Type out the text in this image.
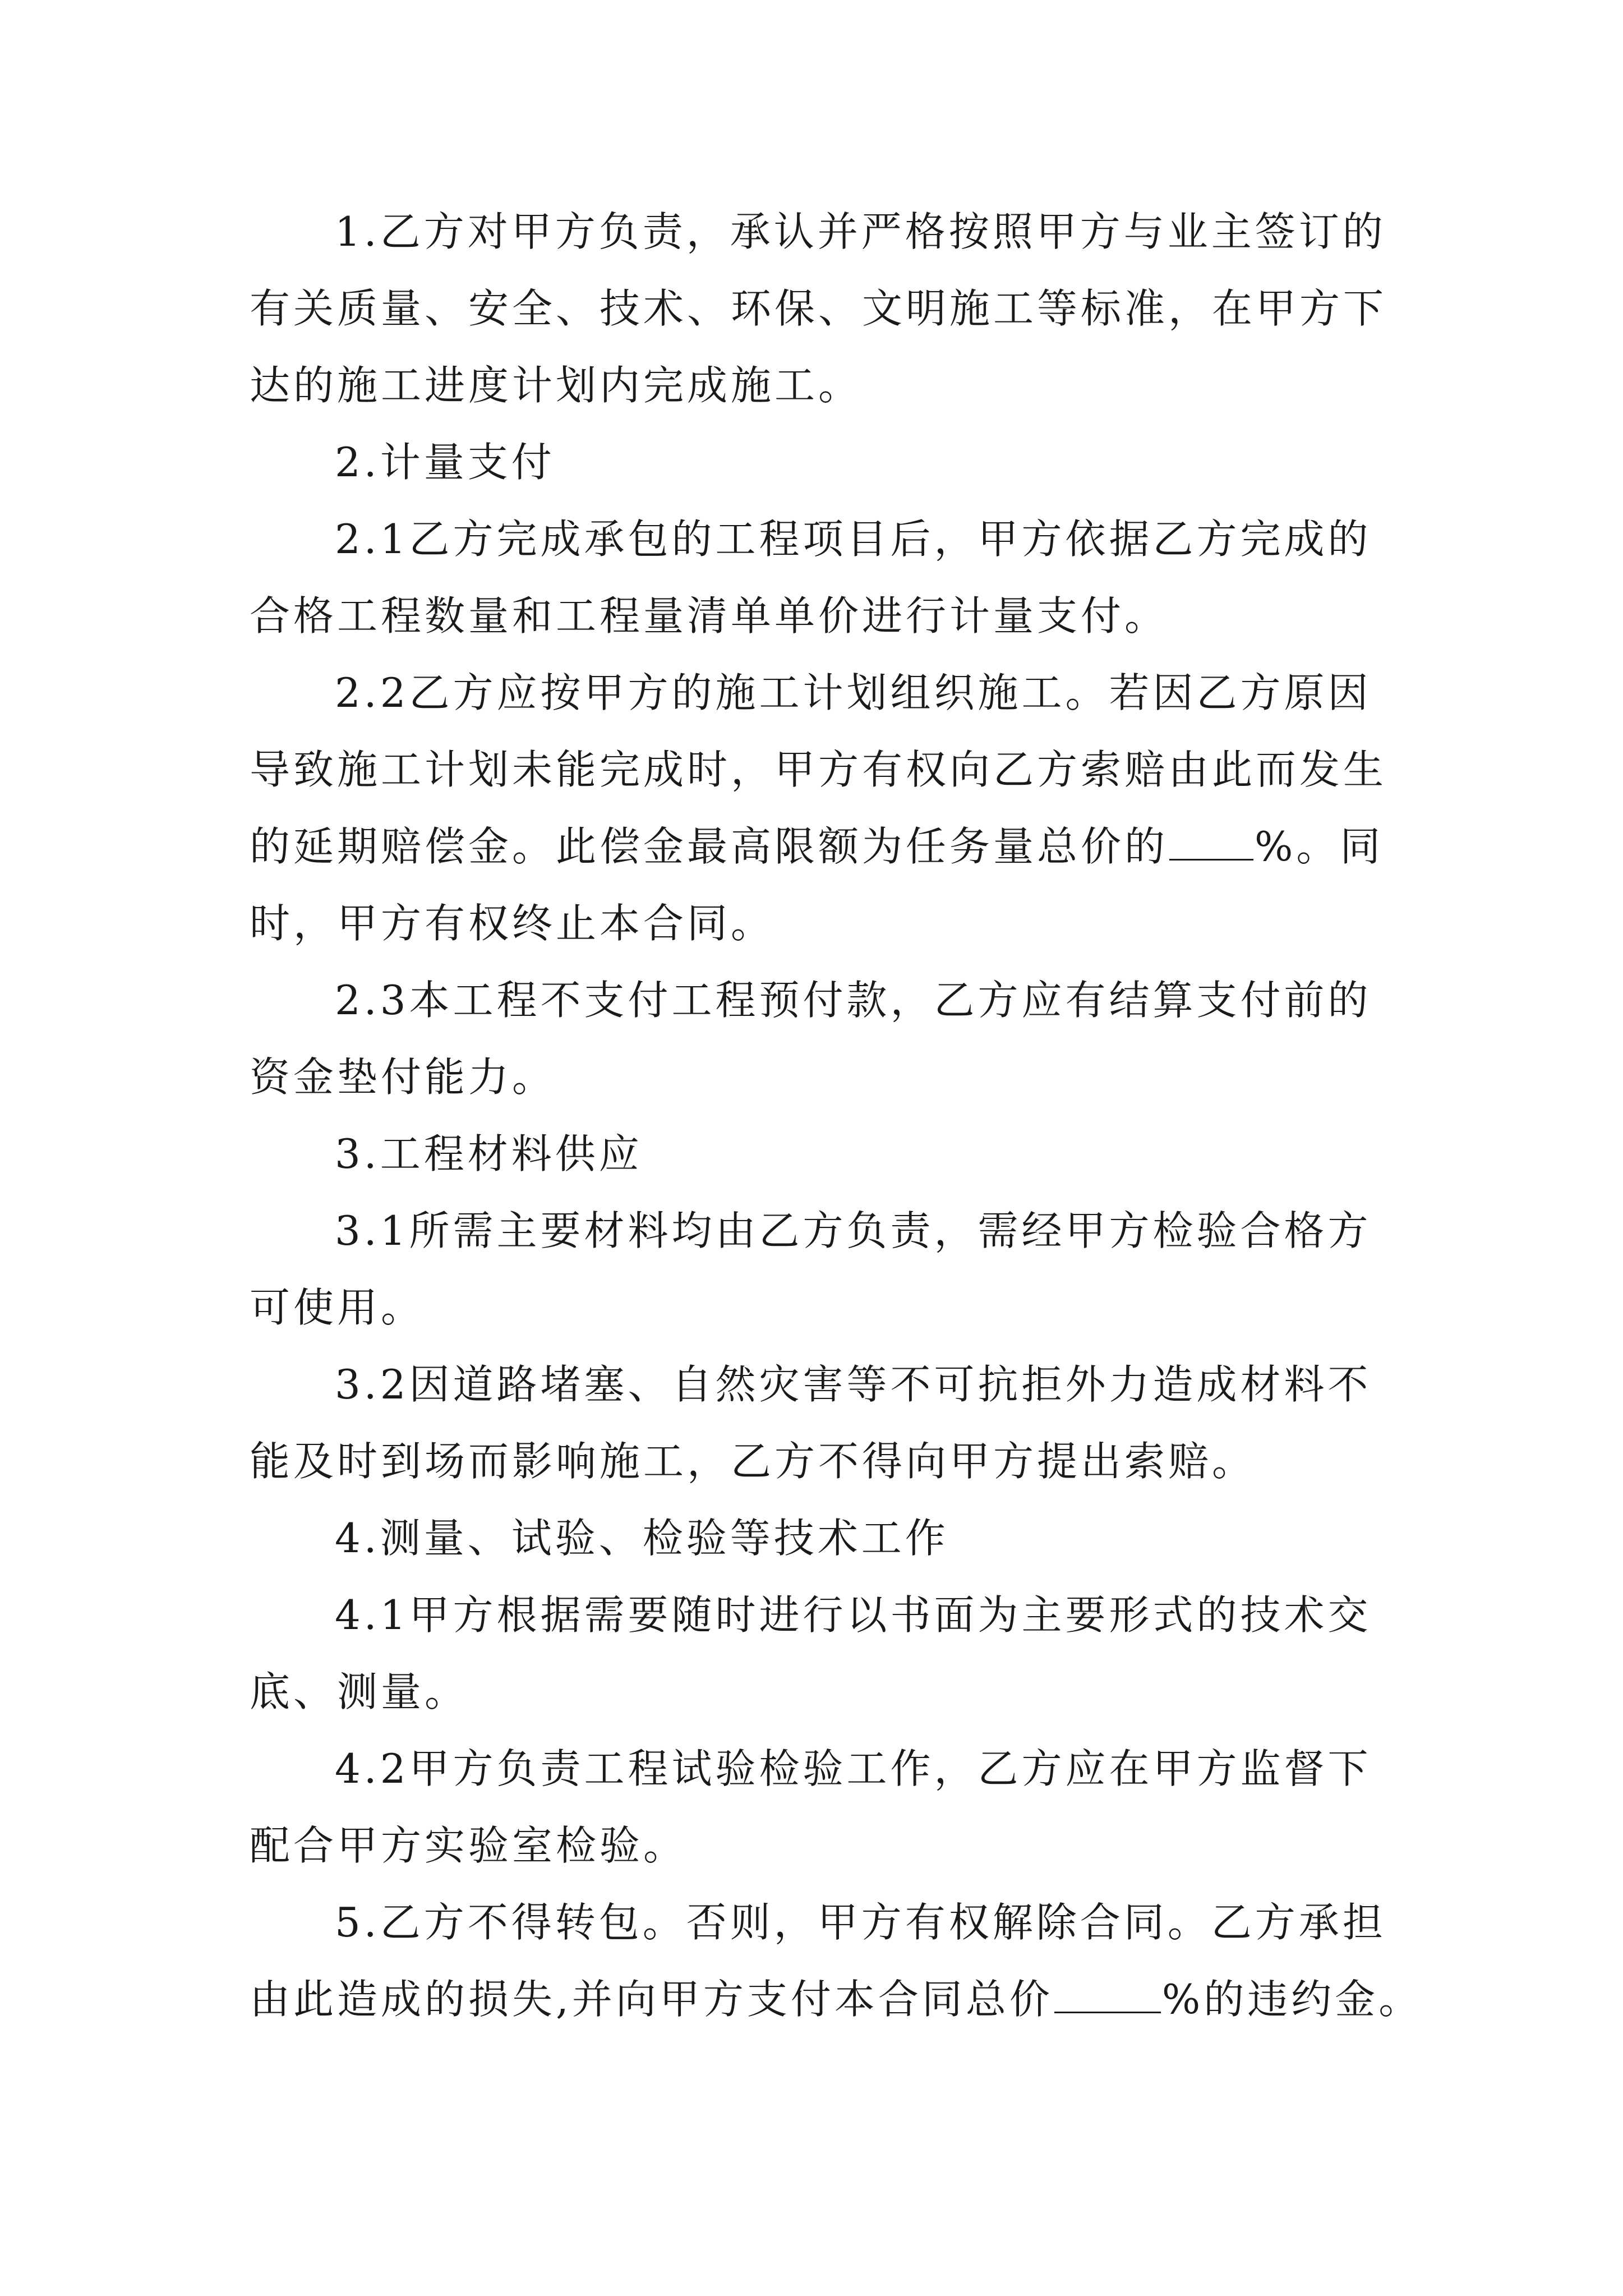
1.乙方对甲方负责，承认并严格按照甲方与业主签订的
有关质量、安全、技术、环保、文明施工等标准，在甲方下
达的施工进度计划内完成施工。
2.计量支付
2.1乙方完成承包的工程项目后，甲方依据乙方完成的
合格工程数量和工程量清单单价进行计量支付。
2.2乙方应按甲方的施工计划组织施工。若因乙方原因
导致施工计划未能完成时，甲方有权向乙方索赔由此而发生
的延期赔偿金。此偿金最高限额为任务量总价的 %。同
时，甲方有权终止本合同。
2.3本工程不支付工程预付款，乙方应有结算支付前的
资金垫付能力。
3.工程材料供应
3.1所需主要材料均由乙方负责，需经甲方检验合格方
可使用。
3.2因道路堵塞、自然灾害等不可抗拒外力造成材料不
能及时到场而影响施工，乙方不得向甲方提出索赔。
4.测量、试验、检验等技术工作
4.1甲方根据需要随时进行以书面为主要形式的技术交
底、测量。
4.2甲方负责工程试验检验工作，乙方应在甲方监督下
配合甲方实验室检验。
5.乙方不得转包。否则，甲方有权解除合同。乙方承担
由此造成的损失,并向甲方支付本合同总价	%的违约金。
